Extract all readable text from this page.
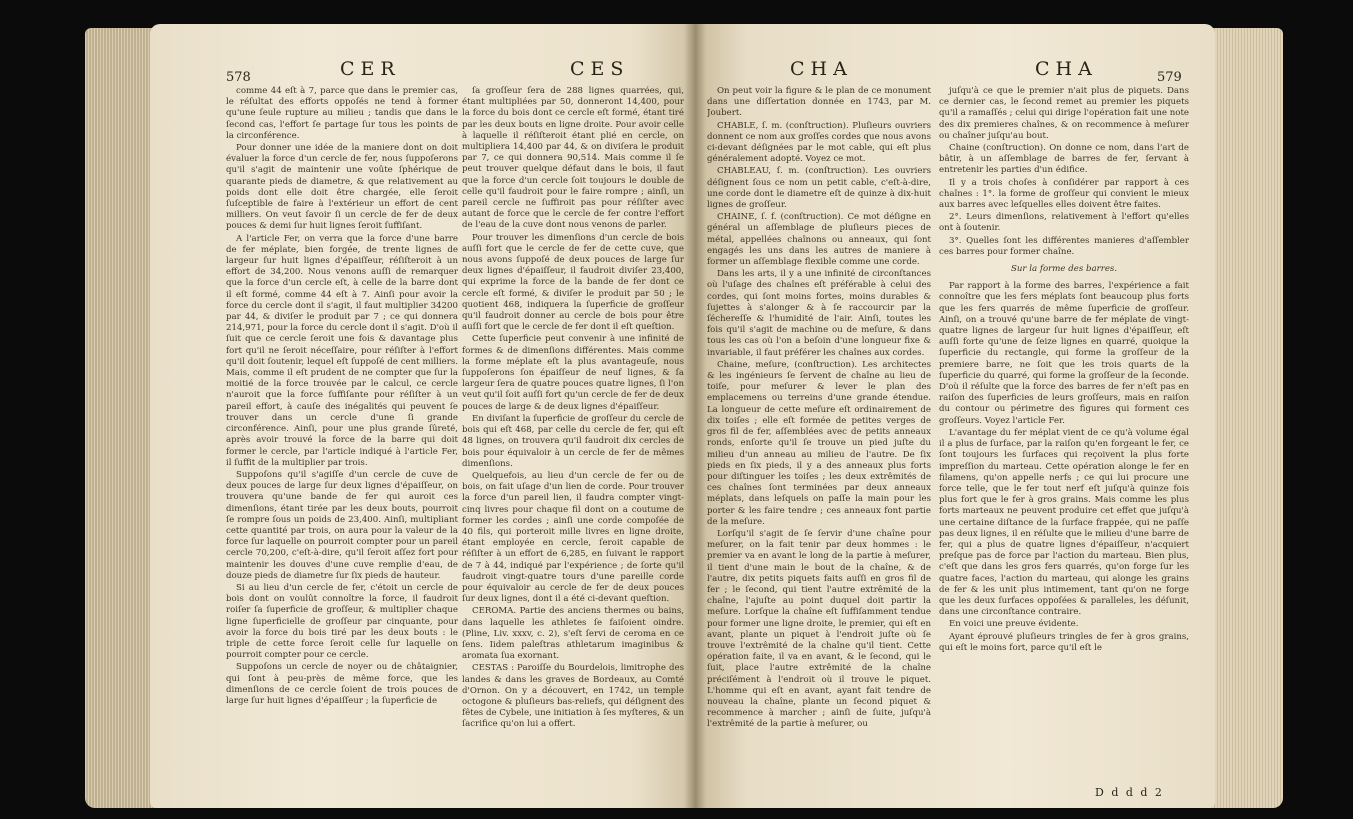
578	CER	CES

comme 44 eſt à 7, parce que dans le premier cas, le réſultat des efforts oppoſés ne tend à former qu'une ſeule rupture au milieu ; tandis que dans le ſecond cas, l'effort ſe partage ſur tous les points de la circonférence.

Pour donner une idée de la maniere dont on doit évaluer la force d'un cercle de fer, nous ſuppoſerons qu'il s'agit de maintenir une voûte ſphérique de quarante pieds de diametre, & que relativement au poids dont elle doit être chargée, elle ſeroit ſuſceptible de faire à l'extérieur un effort de cent milliers. On veut ſavoir ſi un cercle de fer de deux pouces & demi ſur huit lignes ſeroit ſuffiſant.

A l'article Fer, on verra que la force d'une barre de fer méplate, bien forgée, de trente lignes de largeur ſur huit lignes d'épaiſſeur, réſiſteroit à un effort de 34,200. Nous venons auſſi de remarquer que la force d'un cercle eſt, à celle de la barre dont il eſt formé, comme 44 eſt à 7. Ainſi pour avoir la force du cercle dont il s'agit, il faut multiplier 34200 par 44, & diviſer le produit par 7 ; ce qui donnera 214,971, pour la force du cercle dont il s'agit. D'où il ſuit que ce cercle ſeroit une fois & davantage plus fort qu'il ne ſeroit néceſſaire, pour réſiſter à l'effort qu'il doit ſoutenir, lequel eſt ſuppoſé de cent milliers. Mais, comme il eſt prudent de ne compter que ſur la moitié de la force trouvée par le calcul, ce cercle n'auroit que la force ſuffiſante pour réſiſter à un pareil effort, à cauſe des inégalités qui peuvent ſe trouver dans un cercle d'une ſi grande circonférence. Ainſi, pour une plus grande ſûreté, après avoir trouvé la force de la barre qui doit former le cercle, par l'article indiqué à l'article Fer, il ſuffit de la multiplier par trois.

Suppoſons qu'il s'agiſſe d'un cercle de cuve de deux pouces de large ſur deux lignes d'épaiſſeur, on trouvera qu'une bande de fer qui auroit ces dimenſions, étant tirée par les deux bouts, pourroit ſe rompre ſous un poids de 23,400. Ainſi, multipliant cette quantité par trois, on aura pour la valeur de la force ſur laquelle on pourroit compter pour un pareil cercle 70,200, c'eſt-à-dire, qu'il ſeroit aſſez fort pour maintenir les douves d'une cuve remplie d'eau, de douze pieds de diametre ſur ſix pieds de hauteur.

Si au lieu d'un cercle de fer, c'étoit un cercle de bois dont on voulût connoître la force, il faudroit roiſer ſa ſuperficie de groſſeur, & multiplier chaque ligne ſuperficielle de groſſeur par cinquante, pour avoir la force du bois tiré par les deux bouts : le triple de cette force ſeroit celle ſur laquelle on pourroit compter pour ce cercle.

Suppoſons un cercle de noyer ou de châtaignier, qui ſont à peu-près de même force, que les dimenſions de ce cercle ſoient de trois pouces de large ſur huit lignes d'épaiſſeur ; la ſuperficie de

ſa groſſeur ſera de 288 lignes quarrées, qui, étant multipliées par 50, donneront 14,400, pour la force du bois dont ce cercle eſt formé, étant tiré par les deux bouts en ligne droite. Pour avoir celle à laquelle il réſiſteroit étant plié en cercle, on multipliera 14,400 par 44, & on diviſera le produit par 7, ce qui donnera 90,514. Mais comme il ſe peut trouver quelque défaut dans le bois, il faut que la force d'un cercle ſoit toujours le double de celle qu'il faudroit pour le faire rompre ; ainſi, un pareil cercle ne ſuffiroit pas pour réſiſter avec autant de force que le cercle de fer contre l'effort de l'eau de la cuve dont nous venons de parler.

Pour trouver les dimenſions d'un cercle de bois auſſi fort que le cercle de fer de cette cuve, que nous avons ſuppoſé de deux pouces de large ſur deux lignes d'épaiſſeur, il faudroit diviſer 23,400, qui exprime la force de la bande de fer dont ce cercle eſt formé, & diviſer le produit par 50 ; le quotient 468, indiquera la ſuperficie de groſſeur qu'il faudroit donner au cercle de bois pour être auſſi fort que le cercle de fer dont il eſt queſtion.

Cette ſuperficie peut convenir à une infinité de formes & de dimenſions différentes. Mais comme la forme méplate eſt la plus avantageuſe, nous ſuppoſerons ſon épaiſſeur de neuf lignes, & ſa largeur ſera de quatre pouces quatre lignes, ſi l'on veut qu'il ſoit auſſi fort qu'un cercle de fer de deux pouces de large & de deux lignes d'épaiſſeur.

En diviſant la ſuperficie de groſſeur du cercle de bois qui eſt 468, par celle du cercle de fer, qui eſt 48 lignes, on trouvera qu'il faudroit dix cercles de bois pour équivaloir à un cercle de fer de mêmes dimenſions.

Quelquefois, au lieu d'un cercle de fer ou de bois, on fait uſage d'un lien de corde. Pour trouver la force d'un pareil lien, il faudra compter vingt-cinq livres pour chaque fil dont on a coutume de former les cordes ; ainſi une corde compoſée de 40 fils, qui porteroit mille livres en ligne droite, étant employée en cercle, ſeroit capable de réſiſter à un effort de 6,285, en ſuivant le rapport de 7 à 44, indiqué par l'expérience ; de ſorte qu'il faudroit vingt-quatre tours d'une pareille corde pour équivaloir au cercle de fer de deux pouces ſur deux lignes, dont il a été ci-devant queſtion.

CEROMA. Partie des anciens thermes ou bains, dans laquelle les athletes ſe faiſoient oindre. (Pline, Liv. xxxv, c. 2), s'eſt ſervi de ceroma en ce ſens. Iidem paleſtras athletarum imaginibus & aromata ſua exornant.

CESTAS : Paroiſſe du Bourdelois, limitrophe des landes & dans les graves de Bordeaux, au Comté d'Ornon. On y a découvert, en 1742, un temple octogone & pluſieurs bas-reliefs, qui déſignent des fêtes de Cybele, une initiation à ſes myſteres, & un ſacrifice qu'on lui a offert.

CHA	CHA	579

On peut voir la figure & le plan de ce monument dans une diſſertation donnée en 1743, par M. Joubert.

CHABLE, ſ. m. (conſtruction). Pluſieurs ouvriers donnent ce nom aux groſſes cordes que nous avons ci-devant déſignées par le mot cable, qui eſt plus généralement adopté. Voyez ce mot.

CHABLEAU, ſ. m. (conſtruction). Les ouvriers déſignent ſous ce nom un petit cable, c'eſt-à-dire, une corde dont le diametre eſt de quinze à dix-huit lignes de groſſeur.

CHAINE, ſ. f. (conſtruction). Ce mot déſigne en général un aſſemblage de pluſieurs pieces de métal, appellées chaînons ou anneaux, qui ſont engagés les uns dans les autres de maniere à former un aſſemblage flexible comme une corde.

Dans les arts, il y a une infinité de circonſtances où l'uſage des chaînes eſt préférable à celui des cordes, qui ſont moins fortes, moins durables & ſujettes à s'alonger & à ſe raccourcir par la ſéchereſſe & l'humidité de l'air. Ainſi, toutes les fois qu'il s'agit de machine ou de meſure, & dans tous les cas où l'on a beſoin d'une longueur fixe & invariable, il faut préférer les chaînes aux cordes.

Chaine, meſure, (conſtruction). Les architectes & les ingénieurs ſe ſervent de chaîne au lieu de toiſe, pour meſurer & lever le plan des emplacemens ou terreins d'une grande étendue. La longueur de cette meſure eſt ordinairement de dix toiſes ; elle eſt formée de petites verges de gros fil de fer, aſſemblées avec de petits anneaux ronds, enſorte qu'il ſe trouve un pied juſte du milieu d'un anneau au milieu de l'autre. De ſix pieds en ſix pieds, il y a des anneaux plus forts pour diſtinguer les toiſes ; les deux extrêmités de ces chaînes ſont terminées par deux anneaux méplats, dans leſquels on paſſe la main pour les porter & les faire tendre ; ces anneaux font partie de la meſure.

Lorſqu'il s'agit de ſe ſervir d'une chaîne pour meſurer, on la fait tenir par deux hommes : le premier va en avant le long de la partie à meſurer, il tient d'une main le bout de la chaîne, & de l'autre, dix petits piquets faits auſſi en gros fil de fer ; le ſecond, qui tient l'autre extrêmité de la chaîne, l'ajuſte au point duquel doit partir la meſure. Lorſque la chaîne eſt ſuffiſamment tendue pour former une ligne droite, le premier, qui eſt en avant, plante un piquet à l'endroit juſte où ſe trouve l'extrêmité de la chaîne qu'il tient. Cette opération faite, il va en avant, & le ſecond, qui le ſuit, place l'autre extrêmité de la chaîne préciſément à l'endroit où il trouve le piquet. L'homme qui eſt en avant, ayant fait tendre de nouveau la chaîne, plante un ſecond piquet & recommence à marcher ; ainſi de ſuite, juſqu'à l'extrêmité de la partie à meſurer, ou

juſqu'à ce que le premier n'ait plus de piquets. Dans ce dernier cas, le ſecond remet au premier les piquets qu'il a ramaſſés ; celui qui dirige l'opération fait une note des dix premieres chaînes, & on recommence à meſurer ou chaîner juſqu'au bout.

Chaine (conſtruction). On donne ce nom, dans l'art de bâtir, à un aſſemblage de barres de fer, ſervant à entretenir les parties d'un édifice.

Il y a trois choſes à conſidérer par rapport à ces chaînes : 1°. la forme de groſſeur qui convient le mieux aux barres avec leſquelles elles doivent être faites.

2°. Leurs dimenſions, relativement à l'effort qu'elles ont à ſoutenir.

3°. Quelles ſont les différentes manieres d'aſſembler ces barres pour former chaîne.

Sur la forme des barres.

Par rapport à la forme des barres, l'expérience a fait connoître que les fers méplats ſont beaucoup plus forts que les fers quarrés de même ſuperficie de groſſeur. Ainſi, on a trouvé qu'une barre de fer méplate de vingt-quatre lignes de largeur ſur huit lignes d'épaiſſeur, eſt auſſi forte qu'une de ſeize lignes en quarré, quoique la ſuperficie du rectangle, qui forme la groſſeur de la premiere barre, ne ſoit que les trois quarts de la ſuperficie du quarré, qui forme la groſſeur de la ſeconde. D'où il réſulte que la force des barres de fer n'eſt pas en raiſon des ſuperficies de leurs groſſeurs, mais en raiſon du contour ou périmetre des figures qui forment ces groſſeurs. Voyez l'article Fer.

L'avantage du fer méplat vient de ce qu'à volume égal il a plus de ſurface, par la raiſon qu'en forgeant le fer, ce ſont toujours les ſurfaces qui reçoivent la plus forte impreſſion du marteau. Cette opération alonge le fer en filamens, qu'on appelle nerfs ; ce qui lui procure une force telle, que le fer tout nerf eſt juſqu'à quinze fois plus fort que le fer à gros grains. Mais comme les plus forts marteaux ne peuvent produire cet effet que juſqu'à une certaine diſtance de la ſurface frappée, qui ne paſſe pas deux lignes, il en réſulte que le milieu d'une barre de fer, qui a plus de quatre lignes d'épaiſſeur, n'acquiert preſque pas de force par l'action du marteau. Bien plus, c'eſt que dans les gros fers quarrés, qu'on forge ſur les quatre faces, l'action du marteau, qui alonge les grains de fer & les unit plus intimement, tant qu'on ne forge que les deux ſurfaces oppoſées & paralleles, les déſunit, dans une circonſtance contraire.

En voici une preuve évidente.

Ayant éprouvé pluſieurs tringles de fer à gros grains, qui eſt le moins fort, parce qu'il eſt le

D d d d 2
